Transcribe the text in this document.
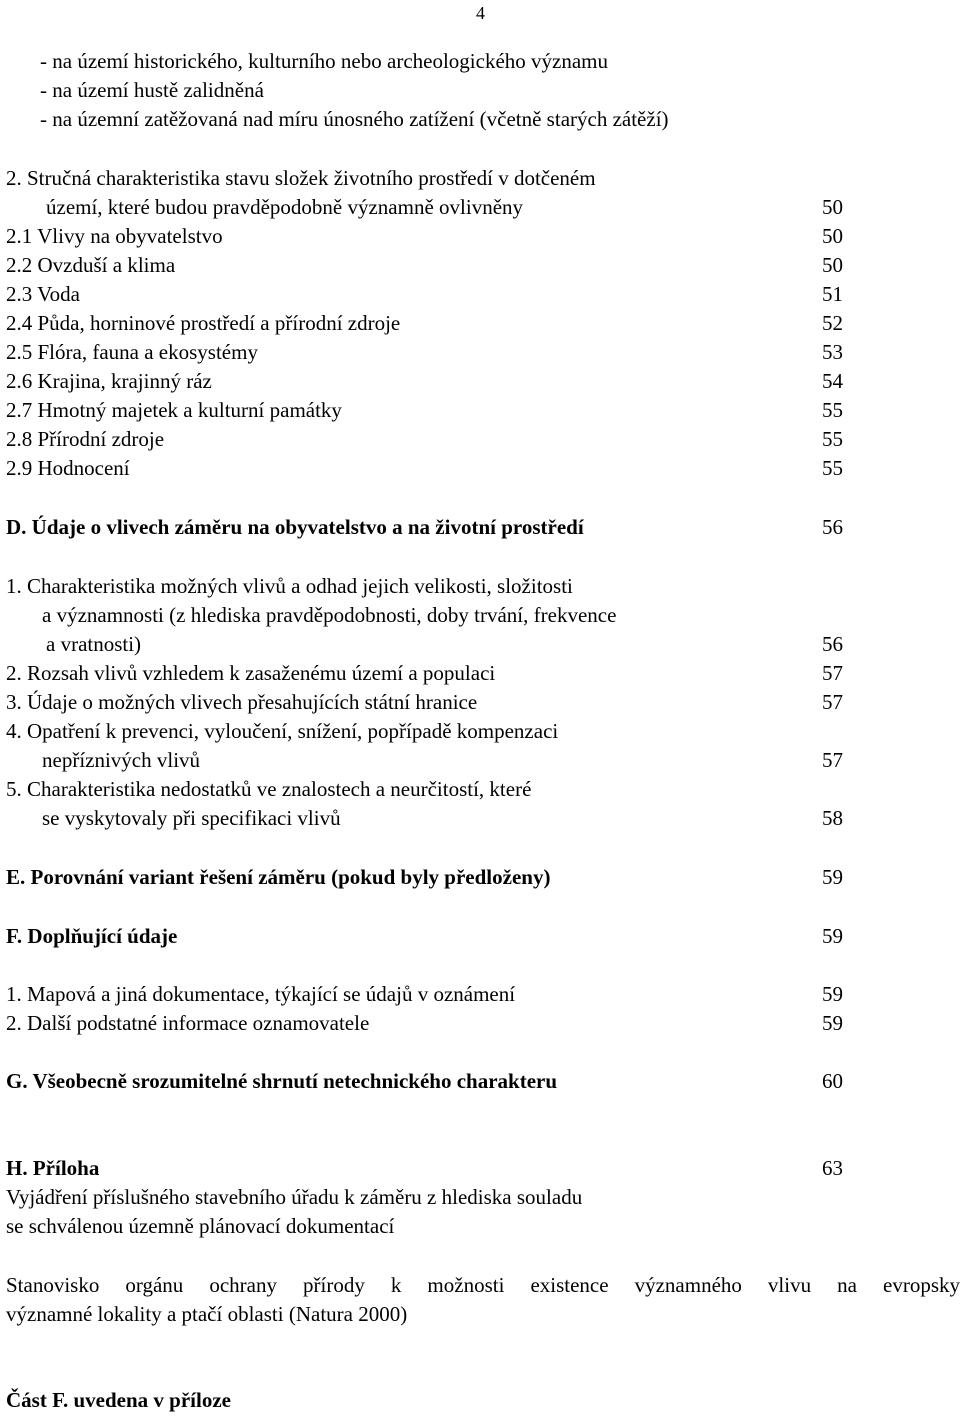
4
- na území historického, kulturního nebo archeologického významu
- na území hustě zalidněná
- na územní zatěžovaná nad míru únosného zatížení (včetně starých zátěží)
2. Stručná charakteristika stavu složek životního prostředí v dotčeném
území, které budou pravděpodobně významně ovlivněny	50
2.1 Vlivy na obyvatelstvo	50
2.2 Ovzduší a klima	50
2.3 Voda	51
2.4 Půda, horninové prostředí a přírodní zdroje	52
2.5 Flóra, fauna a ekosystémy	53
2.6 Krajina, krajinný ráz	54
2.7 Hmotný majetek a kulturní památky	55
2.8 Přírodní zdroje	55
2.9 Hodnocení	55
D. Údaje o vlivech záměru na obyvatelstvo a na životní prostředí	56
1. Charakteristika možných vlivů a odhad jejich velikosti, složitosti
a významnosti (z hlediska pravděpodobnosti, doby trvání, frekvence
a vratnosti)	56
2. Rozsah vlivů vzhledem k zasaženému území a populaci	57
3. Údaje o možných vlivech přesahujících státní hranice	57
4. Opatření k prevenci, vyloučení, snížení, popřípadě kompenzaci
nepříznivých vlivů	57
5. Charakteristika nedostatků ve znalostech a neurčitostí, které
se vyskytovaly při specifikaci vlivů	58
E. Porovnání variant řešení záměru (pokud byly předloženy)	59
F. Doplňující údaje	59
1. Mapová a jiná dokumentace, týkající se údajů v oznámení	59
2. Další podstatné informace oznamovatele	59
G. Všeobecně srozumitelné shrnutí netechnického charakteru	60
H. Příloha	63
Vyjádření příslušného stavebního úřadu k záměru z hlediska souladu
se schválenou územně plánovací dokumentací
Stanovisko orgánu ochrany přírody k možnosti existence významného vlivu na evropsky
významné lokality a ptačí oblasti (Natura 2000)
Část F. uvedena v příloze
